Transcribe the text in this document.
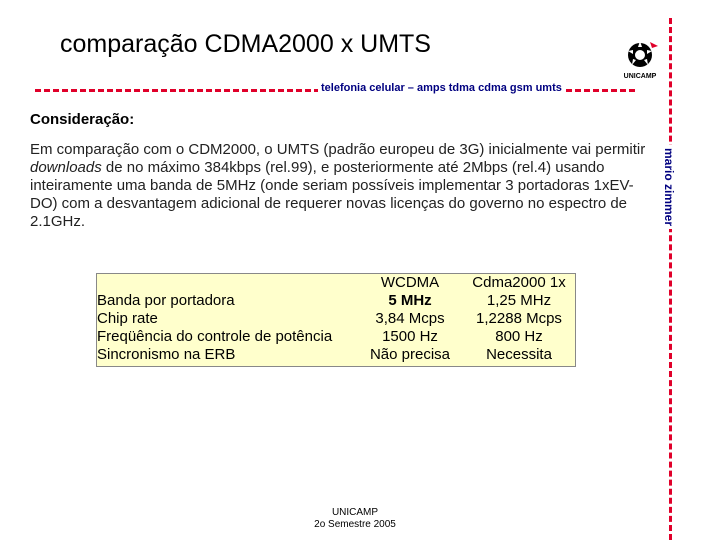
comparação CDMA2000 x UMTS
telefonia celular – amps tdma cdma gsm umts
mario zimmer
UNICAMP
Consideração:
Em comparação com o CDM2000, o UMTS (padrão europeu de 3G) inicialmente vai permitir downloads de no máximo 384kbps (rel.99), e posteriormente até 2Mbps (rel.4) usando inteiramente uma banda de 5MHz (onde seriam possíveis implementar 3 portadoras 1xEV-DO) com a desvantagem adicional de requerer novas licenças do governo no espectro de 2.1GHz.
	WCDMA	Cdma2000 1x
Banda por portadora	5 MHz	1,25 MHz
Chip rate	3,84 Mcps	1,2288 Mcps
Freqüência do controle de potência	1500 Hz	800 Hz
Sincronismo na ERB	Não precisa	Necessita
UNICAMP
2o Semestre 2005
